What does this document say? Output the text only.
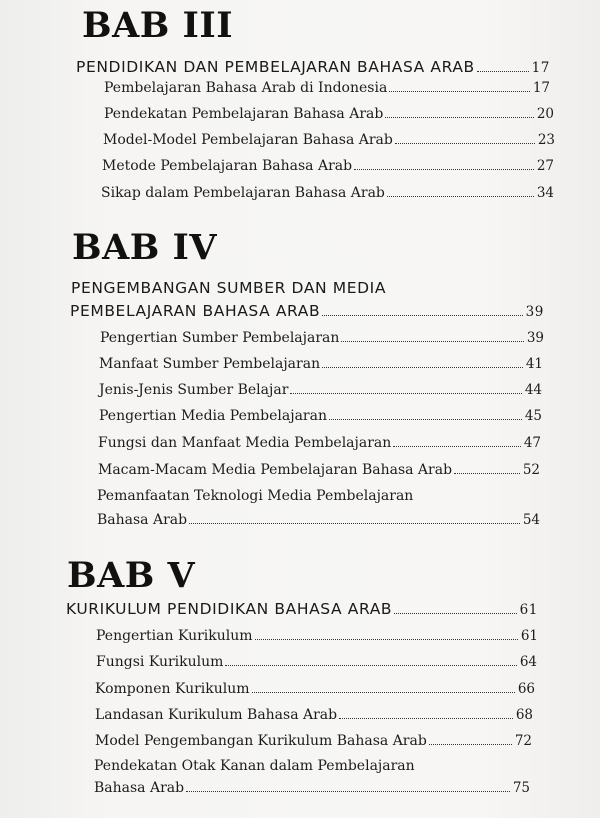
BAB III
PENDIDIKAN DAN PEMBELAJARAN BAHASA ARAB	17
Pembelajaran Bahasa Arab di Indonesia	17
Pendekatan Pembelajaran Bahasa Arab	20
Model-Model Pembelajaran Bahasa Arab	23
Metode Pembelajaran Bahasa Arab	27
Sikap dalam Pembelajaran Bahasa Arab	34
BAB IV
PENGEMBANGAN SUMBER DAN MEDIA
PEMBELAJARAN BAHASA ARAB	39
Pengertian Sumber Pembelajaran	39
Manfaat Sumber Pembelajaran	41
Jenis-Jenis Sumber Belajar	44
Pengertian Media Pembelajaran	45
Fungsi dan Manfaat Media Pembelajaran	47
Macam-Macam Media Pembelajaran Bahasa Arab	52
Pemanfaatan Teknologi Media Pembelajaran
Bahasa Arab	54
BAB V
KURIKULUM PENDIDIKAN BAHASA ARAB	61
Pengertian Kurikulum	61
Fungsi Kurikulum	64
Komponen Kurikulum	66
Landasan Kurikulum Bahasa Arab	68
Model Pengembangan Kurikulum Bahasa Arab	72
Pendekatan Otak Kanan dalam Pembelajaran
Bahasa Arab	75
